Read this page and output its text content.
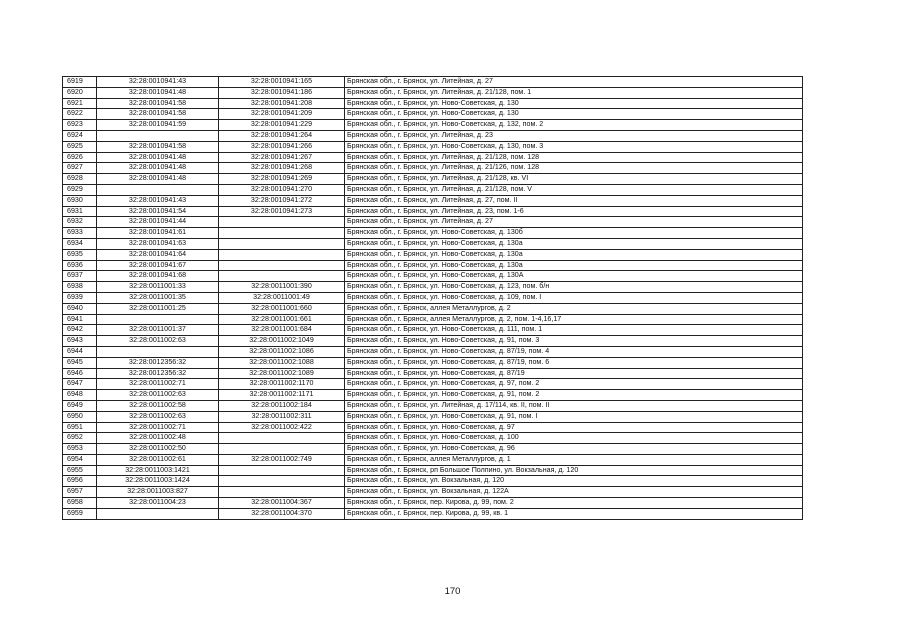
6919	32:28:0010941:43	32:28:0010941:165	Брянская обл., г. Брянск, ул. Литейная, д. 27
6920	32:28:0010941:48	32:28:0010941:186	Брянская обл., г. Брянск, ул. Литейная, д. 21/128, пом. 1
6921	32:28:0010941:58	32:28:0010941:208	Брянская обл., г. Брянск, ул. Ново-Советская, д. 130
6922	32:28:0010941:58	32:28:0010941:209	Брянская обл., г. Брянск, ул. Ново-Советская, д. 130
6923	32:28:0010941:59	32:28:0010941:229	Брянская обл., г. Брянск, ул. Ново-Советская, д. 132, пом. 2
6924		32:28:0010941:264	Брянская обл., г. Брянск, ул. Литейная, д. 23
6925	32:28:0010941:58	32:28:0010941:266	Брянская обл., г. Брянск, ул. Ново-Советская, д. 130, пом. 3
6926	32:28:0010941:48	32:28:0010941:267	Брянская обл., г. Брянск, ул. Литейная, д. 21/128, пом. 128
6927	32:28:0010941:48	32:28:0010941:268	Брянская обл., г. Брянск, ул. Литейная, д. 21/126, пом. 128
6928	32:28:0010941:48	32:28:0010941:269	Брянская обл., г. Брянск, ул. Литейная, д. 21/128, кв. VI
6929		32:28:0010941:270	Брянская обл., г. Брянск, ул. Литейная, д. 21/128, пом. V
6930	32:28:0010941:43	32:28:0010941:272	Брянская обл., г. Брянск, ул. Литейная, д. 27, пом. II
6931	32:28:0010941:54	32:28:0010941:273	Брянская обл., г. Брянск, ул. Литейная, д. 23, пом. 1-6
6932	32:28:0010941:44		Брянская обл., г. Брянск, ул. Литейная, д. 27
6933	32:28:0010941:61		Брянская обл., г. Брянск, ул. Ново-Советская, д. 130б
6934	32:28:0010941:63		Брянская обл., г. Брянск, ул. Ново-Советская, д. 130а
6935	32:28:0010941:64		Брянская обл., г. Брянск, ул. Ново-Советская, д. 130а
6936	32:28:0010941:67		Брянская обл., г. Брянск, ул. Ново-Советская, д. 130а
6937	32:28:0010941:68		Брянская обл., г. Брянск, ул. Ново-Советская, д. 130А
6938	32:28:0011001:33	32:28:0011001:390	Брянская обл., г. Брянск, ул. Ново-Советская, д. 123, пом. б/н
6939	32:28:0011001:35	32:28:0011001:49	Брянская обл., г. Брянск, ул. Ново-Советская, д. 109, пом. I
6940	32:28:0011001:25	32:28:0011001:660	Брянская обл., г. Брянск, аллея Металлургов, д. 2
6941		32:28:0011001:661	Брянская обл., г. Брянск, аллея Металлургов, д. 2, пом. 1-4,16,17
6942	32:28:0011001:37	32:28:0011001:684	Брянская обл., г. Брянск, ул. Ново-Советская, д. 111, пом. 1
6943	32:28:0011002:63	32:28:0011002:1049	Брянская обл., г. Брянск, ул. Ново-Советская, д. 91, пом. 3
6944		32:28:0011002:1086	Брянская обл., г. Брянск, ул. Ново-Советская, д. 87/19, пом. 4
6945	32:28:0012356:32	32:28:0011002:1088	Брянская обл., г. Брянск, ул. Ново-Советская, д. 87/19, пом. 6
6946	32:28:0012356:32	32:28:0011002:1089	Брянская обл., г. Брянск, ул. Ново-Советская, д. 87/19
6947	32:28:0011002:71	32:28:0011002:1170	Брянская обл., г. Брянск, ул. Ново-Советская, д. 97, пом. 2
6948	32:28:0011002:63	32:28:0011002:1171	Брянская обл., г. Брянск, ул. Ново-Советская, д. 91, пом. 2
6949	32:28:0011002:58	32:28:0011002:184	Брянская обл., г. Брянск, ул. Литейная, д. 17/114, кв. II, пом. II
6950	32:28:0011002:63	32:28:0011002:311	Брянская обл., г. Брянск, ул. Ново-Советская, д. 91, пом. I
6951	32:28:0011002:71	32:28:0011002:422	Брянская обл., г. Брянск, ул. Ново-Советская, д. 97
6952	32:28:0011002:48		Брянская обл., г. Брянск, ул. Ново-Советская, д. 100
6953	32:28:0011002:50		Брянская обл., г. Брянск, ул. Ново-Советская, д. 96
6954	32:28:0011002:61	32:28:0011002:749	Брянская обл., г. Брянск, аллея Металлургов, д. 1
6955	32:28:0011003:1421		Брянская обл., г. Брянск, рп Большое Полпино, ул. Вокзальная, д. 120
6956	32:28:0011003:1424		Брянская обл., г. Брянск, ул. Вокзальная, д. 120
6957	32:28:0011003:827		Брянская обл., г. Брянск, ул. Вокзальная, д. 122А
6958	32:28:0011004:23	32:28:0011004:367	Брянская обл., г. Брянск, пер. Кирова, д. 99, пом. 2
6959		32:28:0011004:370	Брянская обл., г. Брянск, пер. Кирова, д. 99, кв. 1
170
